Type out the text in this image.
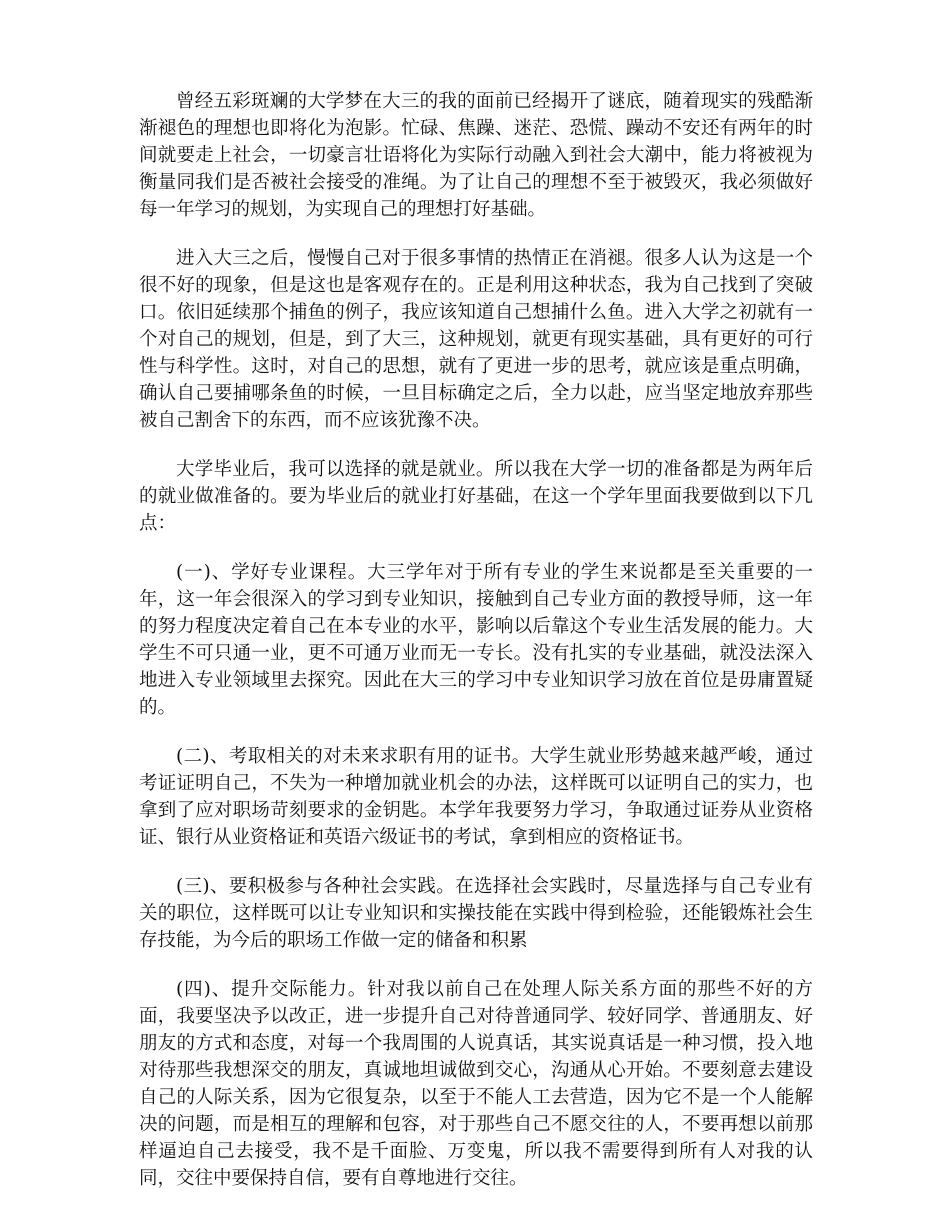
曾经五彩斑斓的大学梦在大三的我的面前已经揭开了谜底，随着现实的残酷渐渐褪色的理想也即将化为泡影。忙碌、焦躁、迷茫、恐慌、躁动不安还有两年的时间就要走上社会，一切豪言壮语将化为实际行动融入到社会大潮中，能力将被视为衡量同我们是否被社会接受的准绳。为了让自己的理想不至于被毁灭，我必须做好每一年学习的规划，为实现自己的理想打好基础。

进入大三之后，慢慢自己对于很多事情的热情正在消褪。很多人认为这是一个很不好的现象，但是这也是客观存在的。正是利用这种状态，我为自己找到了突破口。依旧延续那个捕鱼的例子，我应该知道自己想捕什么鱼。进入大学之初就有一个对自己的规划，但是，到了大三，这种规划，就更有现实基础，具有更好的可行性与科学性。这时，对自己的思想，就有了更进一步的思考，就应该是重点明确，确认自己要捕哪条鱼的时候，一旦目标确定之后，全力以赴，应当坚定地放弃那些被自己割舍下的东西，而不应该犹豫不决。

大学毕业后，我可以选择的就是就业。所以我在大学一切的准备都是为两年后的就业做准备的。要为毕业后的就业打好基础，在这一个学年里面我要做到以下几点：

(一)、学好专业课程。大三学年对于所有专业的学生来说都是至关重要的一年，这一年会很深入的学习到专业知识，接触到自己专业方面的教授导师，这一年的努力程度决定着自己在本专业的水平，影响以后靠这个专业生活发展的能力。大学生不可只通一业，更不可通万业而无一专长。没有扎实的专业基础，就没法深入地进入专业领域里去探究。因此在大三的学习中专业知识学习放在首位是毋庸置疑的。

(二)、考取相关的对未来求职有用的证书。大学生就业形势越来越严峻，通过考证证明自己，不失为一种增加就业机会的办法，这样既可以证明自己的实力，也拿到了应对职场苛刻要求的金钥匙。本学年我要努力学习，争取通过证券从业资格证、银行从业资格证和英语六级证书的考试，拿到相应的资格证书。

(三)、要积极参与各种社会实践。在选择社会实践时，尽量选择与自己专业有关的职位，这样既可以让专业知识和实操技能在实践中得到检验，还能锻炼社会生存技能，为今后的职场工作做一定的储备和积累

(四)、提升交际能力。针对我以前自己在处理人际关系方面的那些不好的方面，我要坚决予以改正，进一步提升自己对待普通同学、较好同学、普通朋友、好朋友的方式和态度，对每一个我周围的人说真话，其实说真话是一种习惯，投入地对待那些我想深交的朋友，真诚地坦诚做到交心，沟通从心开始。不要刻意去建设自己的人际关系，因为它很复杂，以至于不能人工去营造，因为它不是一个人能解决的问题，而是相互的理解和包容，对于那些自己不愿交往的人，不要再想以前那样逼迫自己去接受，我不是千面脸、万变鬼，所以我不需要得到所有人对我的认同，交往中要保持自信，要有自尊地进行交往。
